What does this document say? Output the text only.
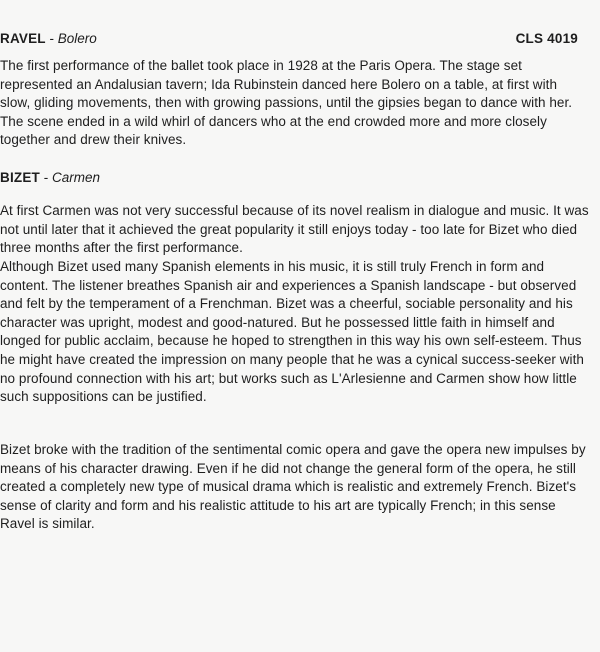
RAVEL - Bolero	CLS 4019

The first performance of the ballet took place in 1928 at the Paris Opera. The stage set represented an Andalusian tavern; Ida Rubinstein danced here Bolero on a table, at first with slow, gliding movements, then with growing passions, until the gipsies began to dance with her. The scene ended in a wild whirl of dancers who at the end crowded more and more closely together and drew their knives.

BIZET - Carmen

At first Carmen was not very successful because of its novel realism in dialogue and music. It was not until later that it achieved the great popularity it still enjoys today - too late for Bizet who died three months after the first performance.

Although Bizet used many Spanish elements in his music, it is still truly French in form and content. The listener breathes Spanish air and experiences a Spanish landscape - but observed and felt by the temperament of a Frenchman. Bizet was a cheerful, sociable personality and his character was upright, modest and good-natured. But he possessed little faith in himself and longed for public acclaim, because he hoped to strengthen in this way his own self-esteem. Thus he might have created the impression on many people that he was a cynical success-seeker with no profound connection with his art; but works such as L'Arlesienne and Carmen show how little such suppositions can be justified.

Bizet broke with the tradition of the sentimental comic opera and gave the opera new impulses by means of his character drawing. Even if he did not change the general form of the opera, he still created a completely new type of musical drama which is realistic and extremely French. Bizet's sense of clarity and form and his realistic attitude to his art are typically French; in this sense Ravel is similar.
